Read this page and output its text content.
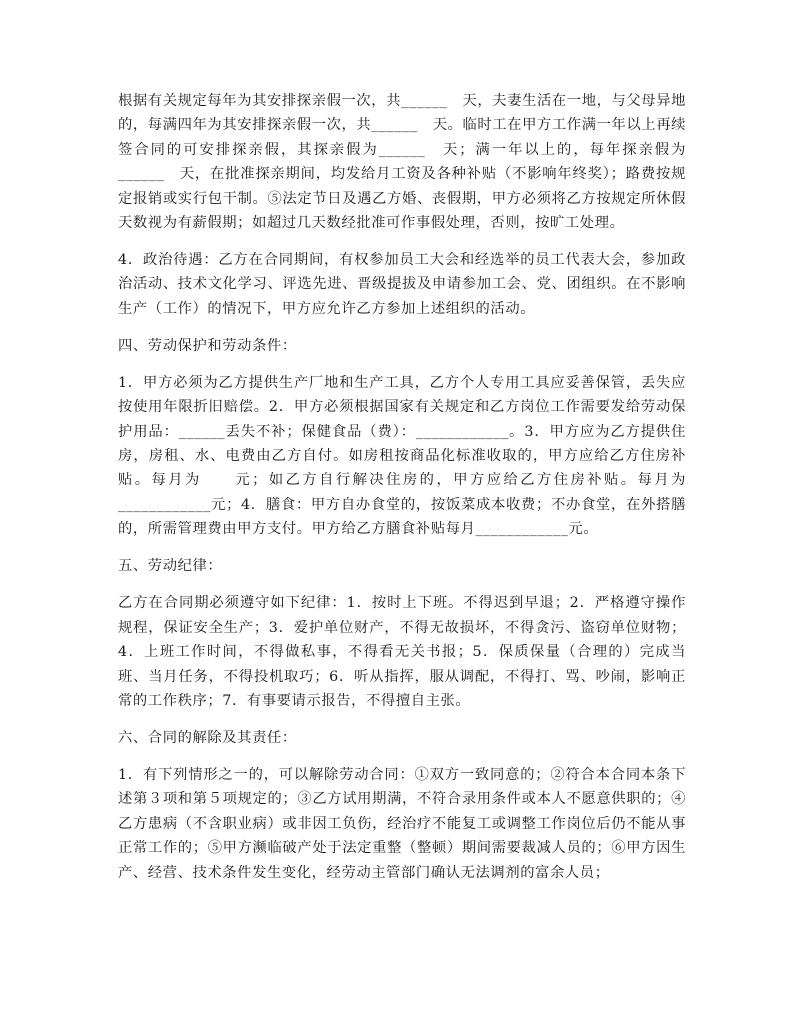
根据有关规定每年为其安排探亲假一次，共______　天，夫妻生活在一地，与父母异地的，每满四年为其安排探亲假一次，共______　天。临时工在甲方工作满一年以上再续签合同的可安排探亲假，其探亲假为______　天；满一年以上的，每年探亲假为______　天，在批准探亲期间，均发给月工资及各种补贴（不影响年终奖）；路费按规定报销或实行包干制。⑤法定节日及遇乙方婚、丧假期，甲方必须将乙方按规定所休假天数视为有薪假期；如超过几天数经批准可作事假处理，否则，按旷工处理。

4．政治待遇：乙方在合同期间，有权参加员工大会和经选举的员工代表大会，参加政治活动、技术文化学习、评选先进、晋级提拔及申请参加工会、党、团组织。在不影响生产（工作）的情况下，甲方应允许乙方参加上述组织的活动。

四、劳动保护和劳动条件：

1．甲方必须为乙方提供生产厂地和生产工具，乙方个人专用工具应妥善保管，丢失应按使用年限折旧赔偿。2．甲方必须根据国家有关规定和乙方岗位工作需要发给劳动保护用品：______丢失不补；保健食品（费）：____________。3．甲方应为乙方提供住房，房租、水、电费由乙方自付。如房租按商品化标准收取的，甲方应给乙方住房补贴。每月为　　元；如乙方自行解决住房的，甲方应给乙方住房补贴。每月为____________元；4．膳食：甲方自办食堂的，按饭菜成本收费；不办食堂，在外搭膳的，所需管理费由甲方支付。甲方给乙方膳食补贴每月____________元。

五、劳动纪律：

乙方在合同期必须遵守如下纪律：1．按时上下班。不得迟到早退；2．严格遵守操作规程，保证安全生产；3．爱护单位财产，不得无故损坏，不得贪污、盗窃单位财物；4．上班工作时间，不得做私事，不得看无关书报；5．保质保量（合理的）完成当班、当月任务，不得投机取巧；6．听从指挥，服从调配，不得打、骂、吵闹，影响正常的工作秩序；7．有事要请示报告，不得擅自主张。

六、合同的解除及其责任：

1．有下列情形之一的，可以解除劳动合同：①双方一致同意的；②符合本合同本条下述第３项和第５项规定的；③乙方试用期满，不符合录用条件或本人不愿意供职的；④乙方患病（不含职业病）或非因工负伤，经治疗不能复工或调整工作岗位后仍不能从事正常工作的；⑤甲方濒临破产处于法定重整（整顿）期间需要裁减人员的；⑥甲方因生产、经营、技术条件发生变化，经劳动主管部门确认无法调剂的富余人员；
